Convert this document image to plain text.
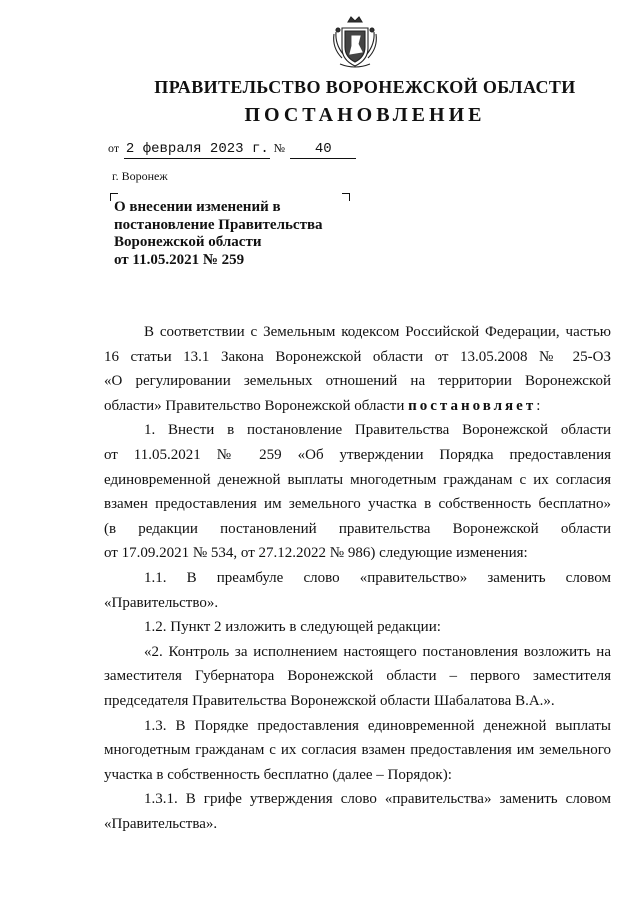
ПРАВИТЕЛЬСТВО ВОРОНЕЖСКОЙ ОБЛАСТИ
ПОСТАНОВЛЕНИЕ
от 2 февраля 2023 г. № 40
г. Воронеж
О внесении изменений в
постановление Правительства
Воронежской области
от 11.05.2021 № 259
В соответствии с Земельным кодексом Российской Федерации, частью
16 статьи 13.1 Закона Воронежской области от 13.05.2008 № 25-ОЗ
«О регулировании земельных отношений на территории Воронежской
области» Правительство Воронежской области постановляет:
1. Внести в постановление Правительства Воронежской области
от 11.05.2021 № 259 «Об утверждении Порядка предоставления
единовременной денежной выплаты многодетным гражданам с их согласия
взамен предоставления им земельного участка в собственность бесплатно»
(в редакции постановлений правительства Воронежской области
от 17.09.2021 № 534, от 27.12.2022 № 986) следующие изменения:
1.1. В преамбуле слово «правительство» заменить словом
«Правительство».
1.2. Пункт 2 изложить в следующей редакции:
«2. Контроль за исполнением настоящего постановления возложить на
заместителя Губернатора Воронежской области – первого заместителя
председателя Правительства Воронежской области Шабалатова В.А.».
1.3. В Порядке предоставления единовременной денежной выплаты
многодетным гражданам с их согласия взамен предоставления им земельного
участка в собственность бесплатно (далее – Порядок):
1.3.1. В грифе утверждения слово «правительства» заменить словом
«Правительства».
